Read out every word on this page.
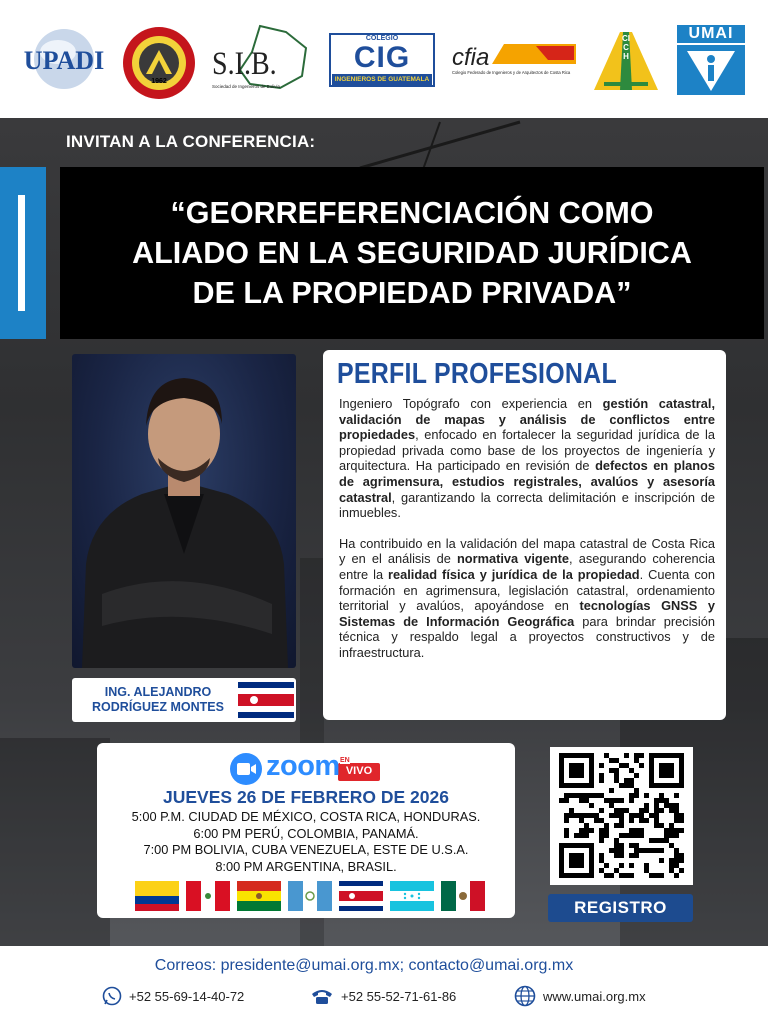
UPADI
1962	S.I.B.
Sociedad de Ingenieros de Bolivia
COLEGIO
CIG
INGENIEROS DE GUATEMALA
cfia
Colegio Federado de Ingenieros y de Arquitectos de Costa Rica
CICH
UMAI
INVITAN A LA CONFERENCIA:
“GEORREFERENCIACIÓN COMO
ALIADO EN LA SEGURIDAD JURÍDICA
DE LA PROPIEDAD PRIVADA”
ING. ALEJANDRO
RODRÍGUEZ MONTES
PERFIL PROFESIONAL

Ingeniero Topógrafo con experiencia en gestión catastral, validación de mapas y análisis de conflictos entre propiedades, enfocado en fortalecer la seguridad jurídica de la propiedad privada como base de los proyectos de ingeniería y arquitectura. Ha participado en revisión de defectos en planos de agrimensura, estudios registrales, avalúos y asesoría catastral, garantizando la correcta delimitación e inscripción de inmuebles.

Ha contribuido en la validación del mapa catastral de Costa Rica y en el análisis de normativa vigente, asegurando coherencia entre la realidad física y jurídica de la propiedad. Cuenta con formación en agrimensura, legislación catastral, ordenamiento territorial y avalúos, apoyándose en tecnologías GNSS y Sistemas de Información Geográfica para brindar precisión técnica y respaldo legal a proyectos constructivos y de infraestructura.

zoom EN
VIVO
JUEVES 26 DE FEBRERO DE 2026
5:00 P.M. CIUDAD DE MÉXICO, COSTA RICA, HONDURAS.
6:00 PM PERÚ, COLOMBIA, PANAMÁ.
7:00 PM BOLIVIA, CUBA VENEZUELA, ESTE DE U.S.A.
8:00 PM ARGENTINA, BRASIL.
REGISTRO
Correos: presidente@umai.org.mx; contacto@umai.org.mx
+52 55-69-14-40-72	+52 55-52-71-61-86	www.umai.org.mx
